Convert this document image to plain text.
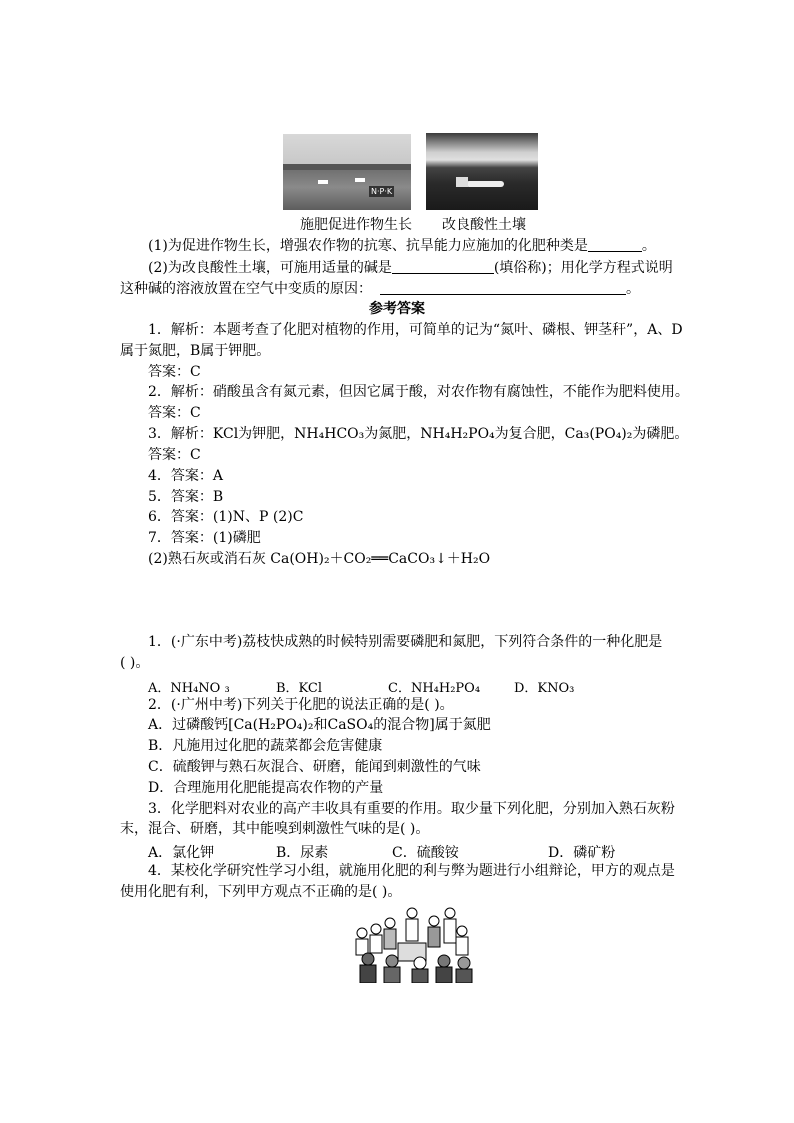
N·P·K
施肥促进作物生长 改良酸性土壤
(1)为促进作物生长，增强农作物的抗寒、抗旱能力应施加的化肥种类是	。
(2)为改良酸性土壤，可施用适量的碱是	(填俗称)；用化学方程式说明
这种碱的溶液放置在空气中变质的原因：	。
参考答案
1．解析：本题考查了化肥对植物的作用，可简单的记为“氮叶、磷根、钾茎秆”，A、D
属于氮肥，B属于钾肥。
答案：C
2．解析：硝酸虽含有氮元素，但因它属于酸，对农作物有腐蚀性，不能作为肥料使用。
答案：C
3．解析：KCl为钾肥，NH₄HCO₃为氮肥，NH₄H₂PO₄为复合肥，Ca₃(PO₄)₂为磷肥。
答案：C
4．答案：A
5．答案：B
6．答案：(1)N、P (2)C
7．答案：(1)磷肥
(2)熟石灰或消石灰 Ca(OH)₂＋CO₂══CaCO₃↓＋H₂O
1．(·广东中考)荔枝快成熟的时候特别需要磷肥和氮肥，下列符合条件的一种化肥是
( )。
A．NH₄NO ₃	B．KCl	C．NH₄H₂PO₄	D．KNO₃
2．(·广州中考)下列关于化肥的说法正确的是( )。
A．过磷酸钙[Ca(H₂PO₄)₂和CaSO₄的混合物]属于氮肥
B．凡施用过化肥的蔬菜都会危害健康
C．硫酸钾与熟石灰混合、研磨，能闻到刺激性的气味
D．合理施用化肥能提高农作物的产量
3．化学肥料对农业的高产丰收具有重要的作用。取少量下列化肥，分别加入熟石灰粉
末，混合、研磨，其中能嗅到刺激性气味的是( )。
A．氯化钾	B．尿素	C．硫酸铵	D．磷矿粉
4．某校化学研究性学习小组，就施用化肥的利与弊为题进行小组辩论，甲方的观点是
使用化肥有利，下列甲方观点不正确的是( )。
